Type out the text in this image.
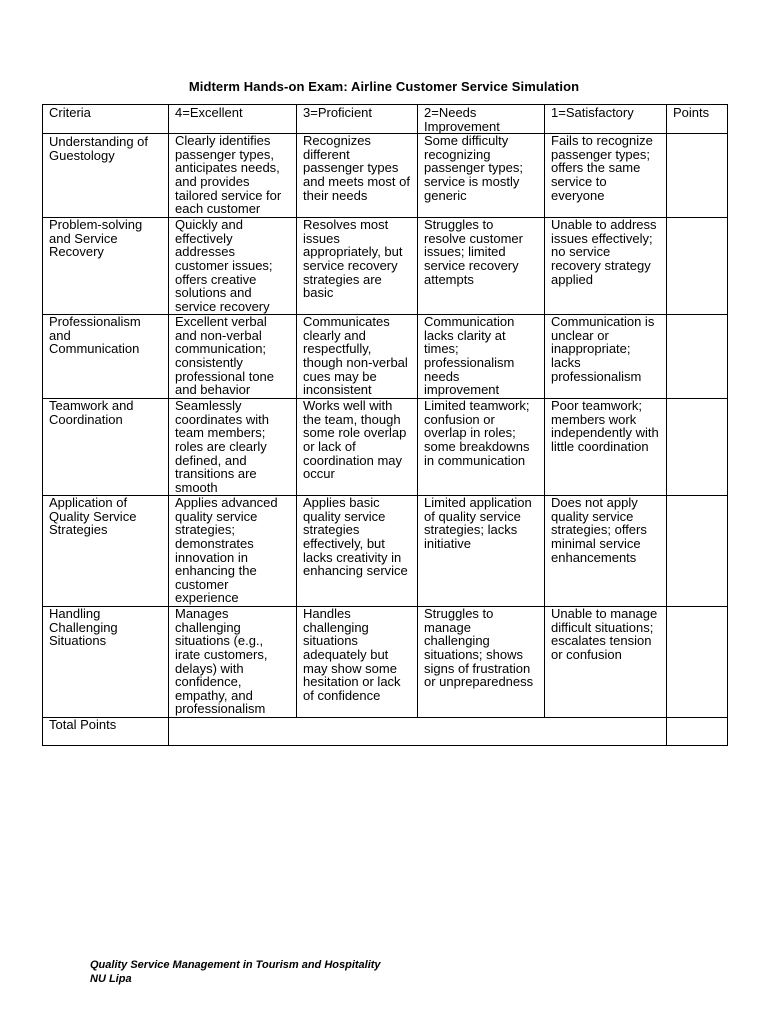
Midterm Hands-on Exam: Airline Customer Service Simulation
Criteria	4=Excellent	3=Proficient	2=Needs Improvement	1=Satisfactory	Points
Understanding of Guestology	Clearly identifies passenger types, anticipates needs, and provides tailored service for each customer	Recognizes different passenger types and meets most of their needs	Some difficulty recognizing passenger types; service is mostly generic	Fails to recognize passenger types; offers the same service to everyone	
Problem-solving and Service Recovery	Quickly and effectively addresses customer issues; offers creative solutions and service recovery	Resolves most issues appropriately, but service recovery strategies are basic	Struggles to resolve customer issues; limited service recovery attempts	Unable to address issues effectively; no service recovery strategy applied	
Professionalism and Communication	Excellent verbal and non-verbal communication; consistently professional tone and behavior	Communicates clearly and respectfully, though non-verbal cues may be inconsistent	Communication lacks clarity at times; professionalism needs improvement	Communication is unclear or inappropriate; lacks professionalism	
Teamwork and Coordination	Seamlessly coordinates with team members; roles are clearly defined, and transitions are smooth	Works well with the team, though some role overlap or lack of coordination may occur	Limited teamwork; confusion or overlap in roles; some breakdowns in communication	Poor teamwork; members work independently with little coordination	
Application of Quality Service Strategies	Applies advanced quality service strategies; demonstrates innovation in enhancing the customer experience	Applies basic quality service strategies effectively, but lacks creativity in enhancing service	Limited application of quality service strategies; lacks initiative	Does not apply quality service strategies; offers minimal service enhancements	
Handling Challenging Situations	Manages challenging situations (e.g., irate customers, delays) with confidence, empathy, and professionalism	Handles challenging situations adequately but may show some hesitation or lack of confidence	Struggles to manage challenging situations; shows signs of frustration or unpreparedness	Unable to manage difficult situations; escalates tension or confusion	
Total Points					
Quality Service Management in Tourism and Hospitality
NU Lipa
